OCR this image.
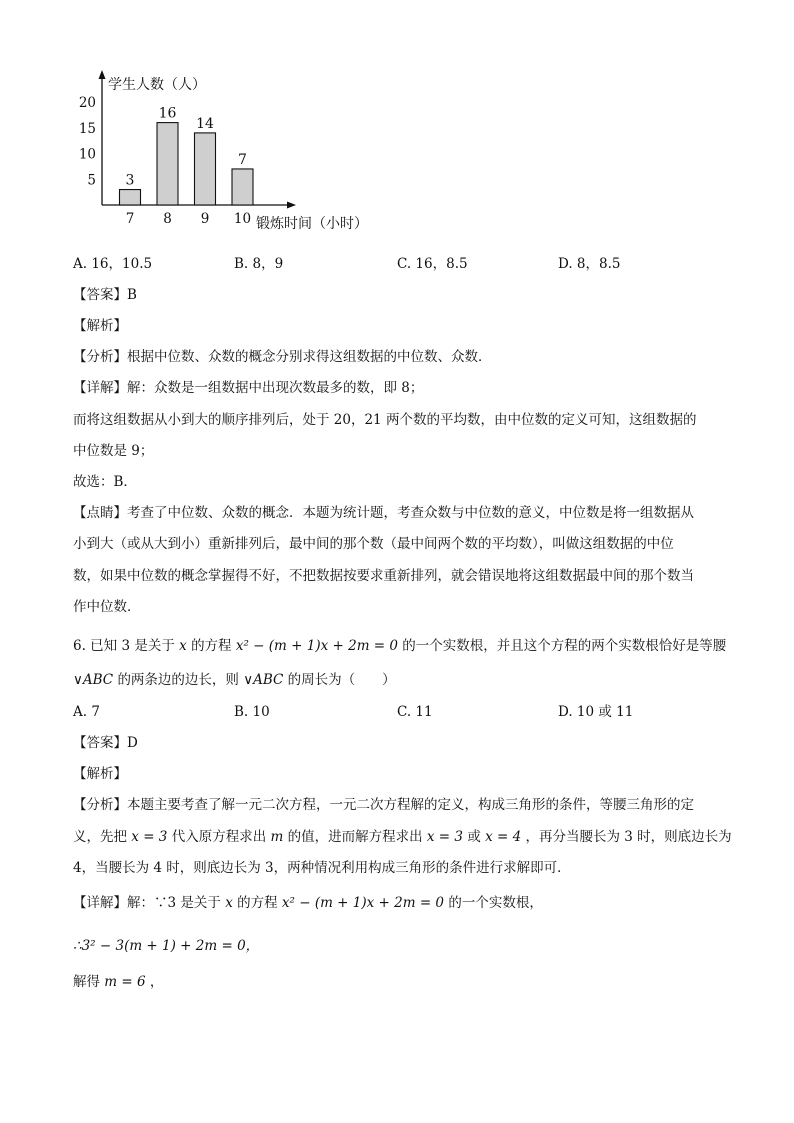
学生人数（人）
锻炼时间（小时）
5
10
15
20
3
7
16
8
14
9
7
10
A. 16，10.5	B. 8，9	C. 16，8.5	D. 8，8.5
【答案】B
【解析】
【分析】根据中位数、众数的概念分别求得这组数据的中位数、众数．
【详解】解：众数是一组数据中出现次数最多的数，即 8；
而将这组数据从小到大的顺序排列后，处于 20，21 两个数的平均数，由中位数的定义可知，这组数据的
中位数是 9；
故选：B．
【点睛】考查了中位数、众数的概念．本题为统计题，考查众数与中位数的意义，中位数是将一组数据从
小到大（或从大到小）重新排列后，最中间的那个数（最中间两个数的平均数），叫做这组数据的中位
数，如果中位数的概念掌握得不好，不把数据按要求重新排列，就会错误地将这组数据最中间的那个数当
作中位数．
6. 已知 3 是关于 x 的方程 x² − (m + 1)x + 2m = 0 的一个实数根，并且这个方程的两个实数根恰好是等腰
∨ABC 的两条边的边长，则 ∨ABC 的周长为（　　）
A. 7	B. 10	C. 11	D. 10 或 11
【答案】D
【解析】
【分析】本题主要考查了解一元二次方程，一元二次方程解的定义，构成三角形的条件，等腰三角形的定
义，先把 x = 3 代入原方程求出 m 的值，进而解方程求出 x = 3 或 x = 4 ，再分当腰长为 3 时，则底边长为
4，当腰长为 4 时，则底边长为 3，两种情况利用构成三角形的条件进行求解即可．
【详解】解：∵3 是关于 x 的方程 x² − (m + 1)x + 2m = 0 的一个实数根，
∴3² − 3(m + 1) + 2m = 0，
解得 m = 6 ，
